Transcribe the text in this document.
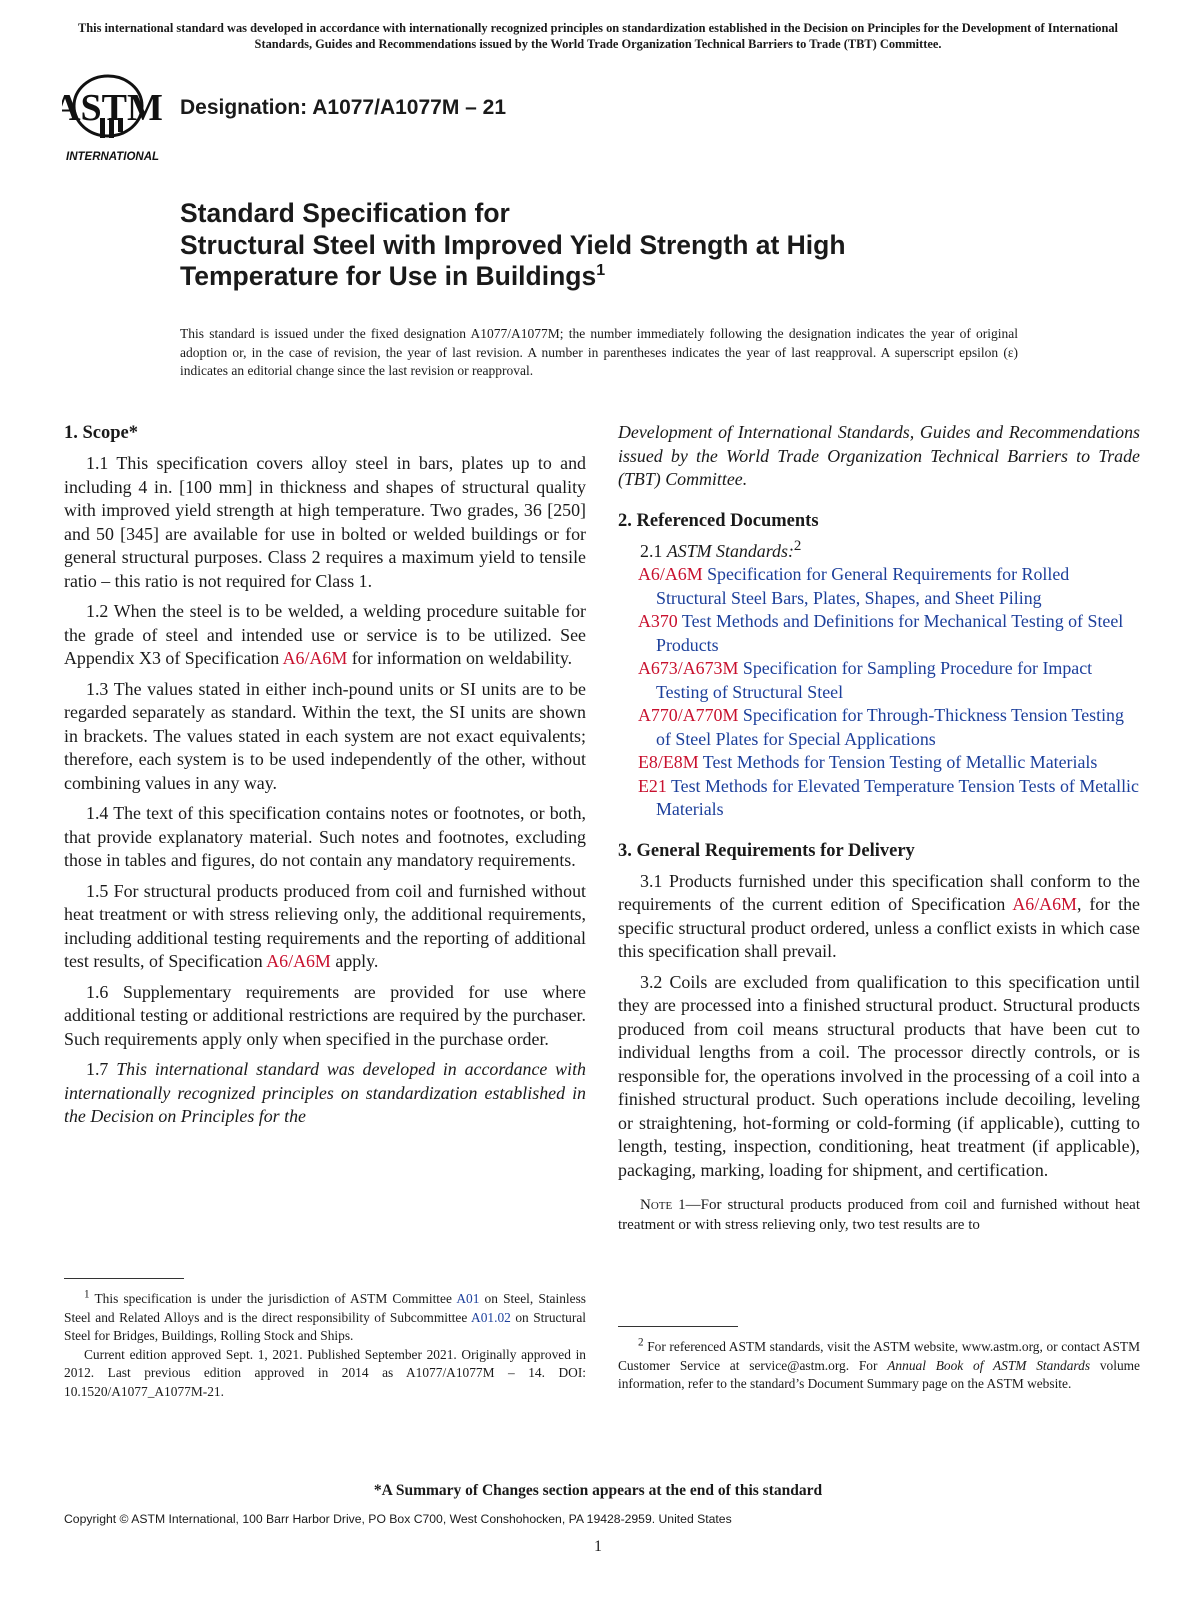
This international standard was developed in accordance with internationally recognized principles on standardization established in the Decision on Principles for the Development of International Standards, Guides and Recommendations issued by the World Trade Organization Technical Barriers to Trade (TBT) Committee.
ASTM
INTERNATIONAL
Designation: A1077/A1077M – 21
Standard Specification for
Structural Steel with Improved Yield Strength at High
Temperature for Use in Buildings$^1$
This standard is issued under the fixed designation A1077/A1077M; the number immediately following the designation indicates the year of original adoption or, in the case of revision, the year of last revision. A number in parentheses indicates the year of last reapproval. A superscript epsilon (ε) indicates an editorial change since the last revision or reapproval.
1. Scope*

1.1 This specification covers alloy steel in bars, plates up to and including 4 in. [100 mm] in thickness and shapes of structural quality with improved yield strength at high temperature. Two grades, 36 [250] and 50 [345] are available for use in bolted or welded buildings or for general structural purposes. Class 2 requires a maximum yield to tensile ratio – this ratio is not required for Class 1.

1.2 When the steel is to be welded, a welding procedure suitable for the grade of steel and intended use or service is to be utilized. See Appendix X3 of Specification A6/A6M for information on weldability.

1.3 The values stated in either inch-pound units or SI units are to be regarded separately as standard. Within the text, the SI units are shown in brackets. The values stated in each system are not exact equivalents; therefore, each system is to be used independently of the other, without combining values in any way.

1.4 The text of this specification contains notes or footnotes, or both, that provide explanatory material. Such notes and footnotes, excluding those in tables and figures, do not contain any mandatory requirements.

1.5 For structural products produced from coil and furnished without heat treatment or with stress relieving only, the additional requirements, including additional testing requirements and the reporting of additional test results, of Specification A6/A6M apply.

1.6 Supplementary requirements are provided for use where additional testing or additional restrictions are required by the purchaser. Such requirements apply only when specified in the purchase order.

1.7 This international standard was developed in accordance with internationally recognized principles on standardization established in the Decision on Principles for the

$^1$ This specification is under the jurisdiction of ASTM Committee A01 on Steel, Stainless Steel and Related Alloys and is the direct responsibility of Subcommittee A01.02 on Structural Steel for Bridges, Buildings, Rolling Stock and Ships.

Current edition approved Sept. 1, 2021. Published September 2021. Originally approved in 2012. Last previous edition approved in 2014 as A1077/A1077M – 14. DOI: 10.1520/A1077_A1077M-21.

Development of International Standards, Guides and Recommendations issued by the World Trade Organization Technical Barriers to Trade (TBT) Committee.

2. Referenced Documents

2.1 ASTM Standards:$^2$

A6/A6M Specification for General Requirements for Rolled Structural Steel Bars, Plates, Shapes, and Sheet Piling

A370 Test Methods and Definitions for Mechanical Testing of Steel Products

A673/A673M Specification for Sampling Procedure for Impact Testing of Structural Steel

A770/A770M Specification for Through-Thickness Tension Testing of Steel Plates for Special Applications

E8/E8M Test Methods for Tension Testing of Metallic Materials

E21 Test Methods for Elevated Temperature Tension Tests of Metallic Materials

3. General Requirements for Delivery

3.1 Products furnished under this specification shall conform to the requirements of the current edition of Specification A6/A6M, for the specific structural product ordered, unless a conflict exists in which case this specification shall prevail.

3.2 Coils are excluded from qualification to this specification until they are processed into a finished structural product. Structural products produced from coil means structural products that have been cut to individual lengths from a coil. The processor directly controls, or is responsible for, the operations involved in the processing of a coil into a finished structural product. Such operations include decoiling, leveling or straightening, hot-forming or cold-forming (if applicable), cutting to length, testing, inspection, conditioning, heat treatment (if applicable), packaging, marking, loading for shipment, and certification.

Note 1—For structural products produced from coil and furnished without heat treatment or with stress relieving only, two test results are to

$^2$ For referenced ASTM standards, visit the ASTM website, www.astm.org, or contact ASTM Customer Service at service@astm.org. For Annual Book of ASTM Standards volume information, refer to the standard’s Document Summary page on the ASTM website.

*A Summary of Changes section appears at the end of this standard
Copyright © ASTM International, 100 Barr Harbor Drive, PO Box C700, West Conshohocken, PA 19428-2959. United States
1
